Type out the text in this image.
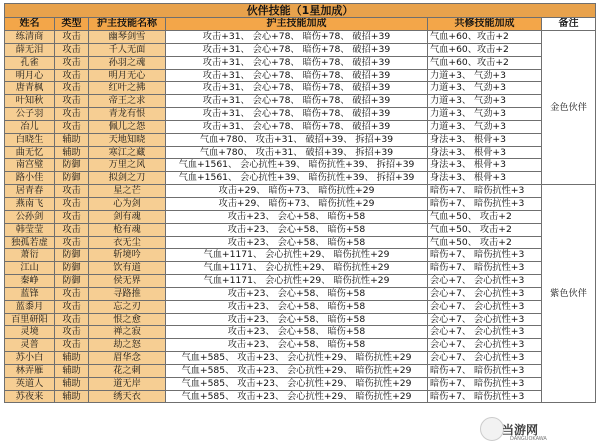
伙伴技能（1星加成）					
姓名	类型	护主技能名称	护主技能加成	共修技能加成	备注
练清商	攻击	幽琴剑雪	攻击+31、 会心+78、 暗伤+78、 破招+39	气血+60、攻击+2	金色伙伴
薛无泪	攻击	千人无面	攻击+31、 会心+78、 暗伤+78、 破招+39	气血+60、攻击+2	
孔雀	攻击	孙羽之魂	攻击+31、 会心+78、 暗伤+78、 破招+39	气血+60、攻击+2	
明月心	攻击	明月无心	攻击+31、 会心+78、 暗伤+78、 破招+39	力道+3、 气劲+3	
唐青枫	攻击	红叶之拂	攻击+31、 会心+78、 暗伤+78、 破招+39	力道+3、 气劲+3	
叶知秋	攻击	帝王之求	攻击+31、 会心+78、 暗伤+78、 破招+39	力道+3、 气劲+3	
公子羽	攻击	青龙有恨	攻击+31、 会心+78、 暗伤+78、 破招+39	力道+3、 气劲+3	
冶儿	攻击	佩儿之怨	攻击+31、 会心+78、 暗伤+78、 破招+39	力道+3、 气劲+3	
白晓生	辅助	天地知晓	气血+780、 攻击+31、 破招+39、 拆招+39	身法+3、 根骨+3	
曲无忆	辅助	寒江之藏	气血+780、 攻击+31、 破招+39、 拆招+39	身法+3、 根骨+3	
南宫璧	防御	万里之风	气血+1561、 会心抗性+39、 暗伤抗性+39、 拆招+39	身法+3、 根骨+3	
路小佳	防御	拟剑之刀	气血+1561、 会心抗性+39、 暗伤抗性+39、 拆招+39	身法+3、 根骨+3	
居青春	攻击	星之芒	攻击+29、 暗伤+73、 暗伤抗性+29	暗伤+7、 暗伤抗性+3	紫色伙伴
燕南飞	攻击	心为剑	攻击+29、 暗伤+73、 暗伤抗性+29	暗伤+7、 暗伤抗性+3	
公孙剑	攻击	剑有魂	攻击+23、 会心+58、 暗伤+58	气血+50、 攻击+2	
韩莹莹	攻击	枪有魂	攻击+23、 会心+58、 暗伤+58	气血+50、 攻击+2	
独孤若虚	攻击	衣无尘	攻击+23、 会心+58、 暗伤+58	气血+50、 攻击+2	
萧衍	防御	斩境吟	气血+1171、 会心抗性+29、 暗伤抗性+29	暗伤+7、 暗伤抗性+3	
江山	防御	饮有道	气血+1171、 会心抗性+29、 暗伤抗性+29	暗伤+7、 暗伤抗性+3	
秦峥	防御	侯无界	气血+1171、 会心抗性+29、 暗伤抗性+29	会心+7、 会心抗性+3	
蓝锋	攻击	寻路推	攻击+23、 会心+58、 暗伤+58	会心+7、 会心抗性+3	
蓝黍月	攻击	忘之刃	攻击+23、 会心+58、 暗伤+58	会心+7、 会心抗性+3	
百里研阳	攻击	恨之愈	攻击+23、 会心+58、 暗伤+58	会心+7、 会心抗性+3	
灵境	攻击	禅之寂	攻击+23、 会心+58、 暗伤+58	会心+7、 会心抗性+3	
灵普	攻击	劫之怒	攻击+23、 会心+58、 暗伤+58	会心+7、 会心抗性+3	
苏小白	辅助	眉华念	气血+585、 攻击+23、 会心抗性+29、 暗伤抗性+29	会心+7、 会心抗性+3	
林弄雁	辅助	花之刺	气血+585、 攻击+23、 会心抗性+29、 暗伤抗性+29	暗伤+7、 暗伤抗性+3	
英道人	辅助	道无岸	气血+585、 攻击+23、 会心抗性+29、 暗伤抗性+29	暗伤+7、 暗伤抗性+3	
苏夜来	辅助	绣天衣	气血+585、 攻击+23、 会心抗性+29、 暗伤抗性+29	暗伤+7、 暗伤抗性+3	
当游网
DANGUOKAWA
